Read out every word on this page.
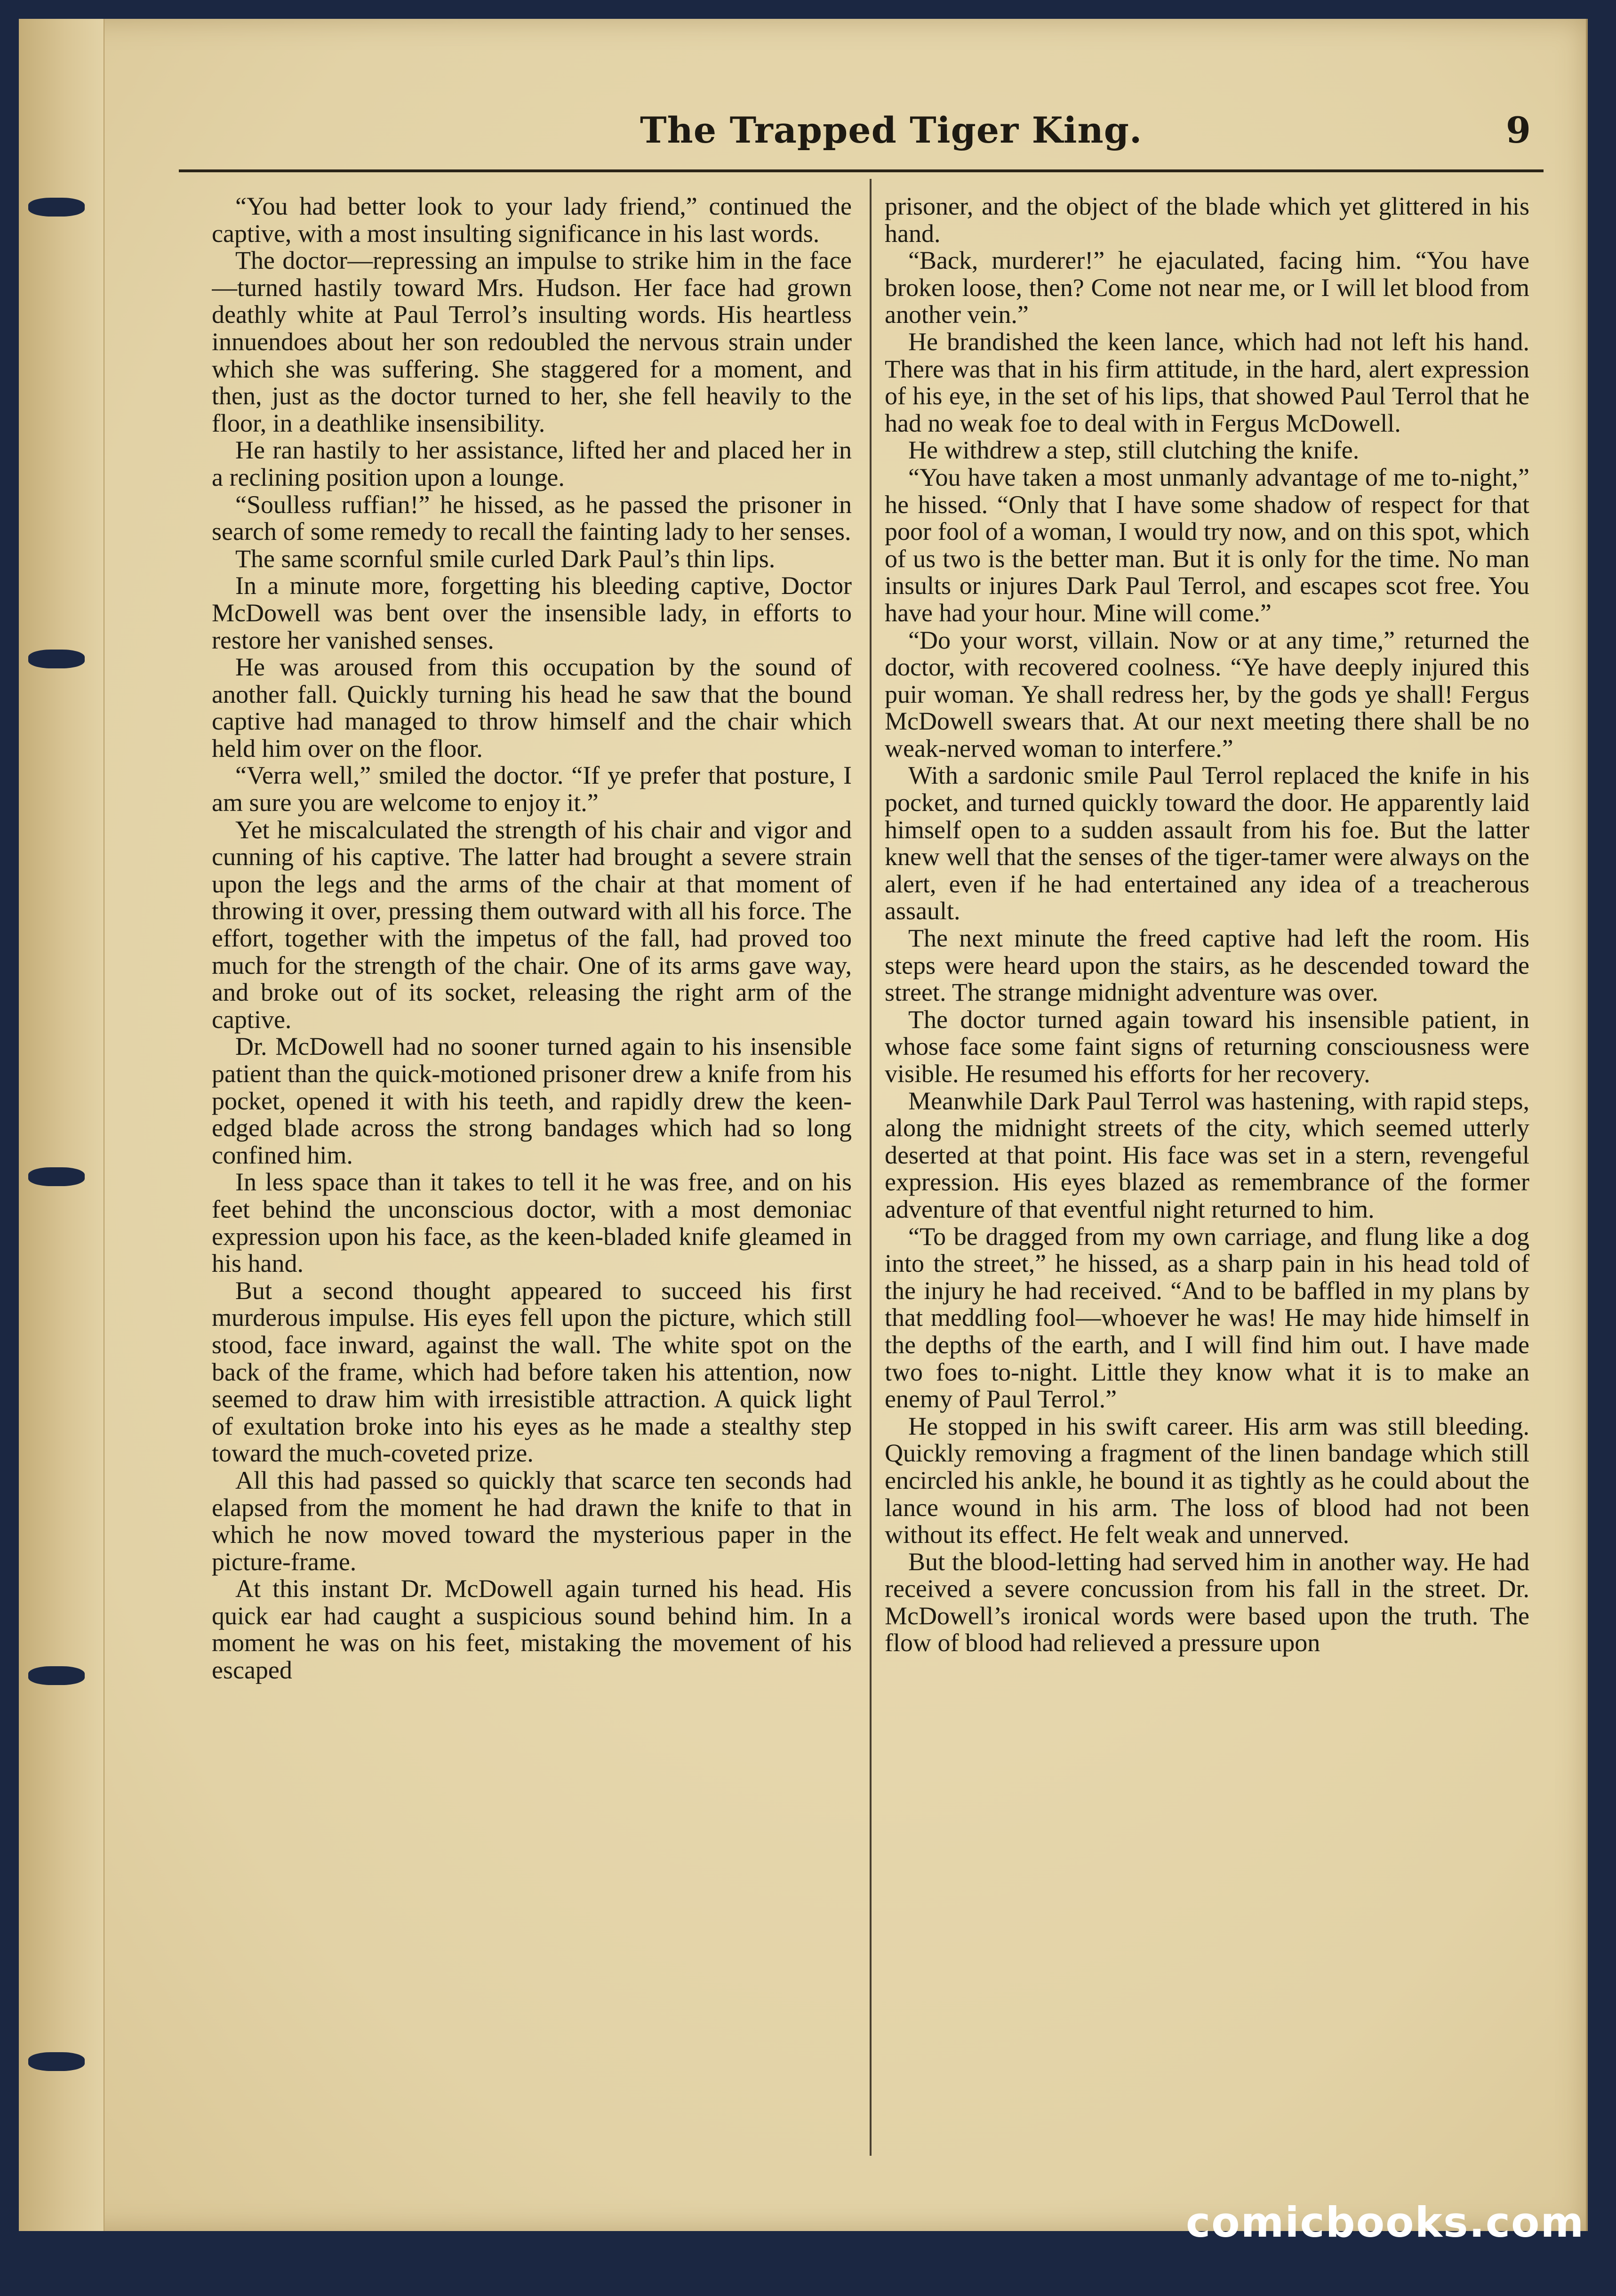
The Trapped Tiger King.	9

“You had better look to your lady friend,” continued the captive, with a most insulting significance in his last words.

The doctor—repressing an impulse to strike him in the face—turned hastily toward Mrs. Hudson. Her face had grown deathly white at Paul Terrol’s insulting words. His heartless innuendoes about her son redoubled the nervous strain under which she was suffering. She staggered for a moment, and then, just as the doctor turned to her, she fell heavily to the floor, in a deathlike insensibility.

He ran hastily to her assistance, lifted her and placed her in a reclining position upon a lounge.

“Soulless ruffian!” he hissed, as he passed the prisoner in search of some remedy to recall the fainting lady to her senses.

The same scornful smile curled Dark Paul’s thin lips.

In a minute more, forgetting his bleeding captive, Doctor McDowell was bent over the insensible lady, in efforts to restore her vanished senses.

He was aroused from this occupation by the sound of another fall. Quickly turning his head he saw that the bound captive had managed to throw himself and the chair which held him over on the floor.

“Verra well,” smiled the doctor. “If ye prefer that posture, I am sure you are welcome to enjoy it.”

Yet he miscalculated the strength of his chair and vigor and cunning of his captive. The latter had brought a severe strain upon the legs and the arms of the chair at that moment of throwing it over, pressing them outward with all his force. The effort, together with the impetus of the fall, had proved too much for the strength of the chair. One of its arms gave way, and broke out of its socket, releasing the right arm of the captive.

Dr. McDowell had no sooner turned again to his insensible patient than the quick-motioned prisoner drew a knife from his pocket, opened it with his teeth, and rapidly drew the keen-edged blade across the strong bandages which had so long confined him.

In less space than it takes to tell it he was free, and on his feet behind the unconscious doctor, with a most demoniac expression upon his face, as the keen-bladed knife gleamed in his hand.

But a second thought appeared to succeed his first murderous impulse. His eyes fell upon the picture, which still stood, face inward, against the wall. The white spot on the back of the frame, which had before taken his attention, now seemed to draw him with irresistible attraction. A quick light of exultation broke into his eyes as he made a stealthy step toward the much-coveted prize.

All this had passed so quickly that scarce ten seconds had elapsed from the moment he had drawn the knife to that in which he now moved toward the mysterious paper in the picture-frame.

At this instant Dr. McDowell again turned his head. His quick ear had caught a suspicious sound behind him. In a moment he was on his feet, mistaking the movement of his escaped

prisoner, and the object of the blade which yet glittered in his hand.

“Back, murderer!” he ejaculated, facing him. “You have broken loose, then? Come not near me, or I will let blood from another vein.”

He brandished the keen lance, which had not left his hand. There was that in his firm attitude, in the hard, alert expression of his eye, in the set of his lips, that showed Paul Terrol that he had no weak foe to deal with in Fergus McDowell.

He withdrew a step, still clutching the knife.

“You have taken a most unmanly advantage of me to-night,” he hissed. “Only that I have some shadow of respect for that poor fool of a woman, I would try now, and on this spot, which of us two is the better man. But it is only for the time. No man insults or injures Dark Paul Terrol, and escapes scot free. You have had your hour. Mine will come.”

“Do your worst, villain. Now or at any time,” returned the doctor, with recovered coolness. “Ye have deeply injured this puir woman. Ye shall redress her, by the gods ye shall! Fergus McDowell swears that. At our next meeting there shall be no weak-nerved woman to interfere.”

With a sardonic smile Paul Terrol replaced the knife in his pocket, and turned quickly toward the door. He apparently laid himself open to a sudden assault from his foe. But the latter knew well that the senses of the tiger-tamer were always on the alert, even if he had entertained any idea of a treacherous assault.

The next minute the freed captive had left the room. His steps were heard upon the stairs, as he descended toward the street. The strange midnight adventure was over.

The doctor turned again toward his insensible patient, in whose face some faint signs of returning consciousness were visible. He resumed his efforts for her recovery.

Meanwhile Dark Paul Terrol was hastening, with rapid steps, along the midnight streets of the city, which seemed utterly deserted at that point. His face was set in a stern, revengeful expression. His eyes blazed as remembrance of the former adventure of that eventful night returned to him.

“To be dragged from my own carriage, and flung like a dog into the street,” he hissed, as a sharp pain in his head told of the injury he had received. “And to be baffled in my plans by that meddling fool—whoever he was! He may hide himself in the depths of the earth, and I will find him out. I have made two foes to-night. Little they know what it is to make an enemy of Paul Terrol.”

He stopped in his swift career. His arm was still bleeding. Quickly removing a fragment of the linen bandage which still encircled his ankle, he bound it as tightly as he could about the lance wound in his arm. The loss of blood had not been without its effect. He felt weak and unnerved.

But the blood-letting had served him in another way. He had received a severe concussion from his fall in the street. Dr. McDowell’s ironical words were based upon the truth. The flow of blood had relieved a pressure upon

comicbooks.com
